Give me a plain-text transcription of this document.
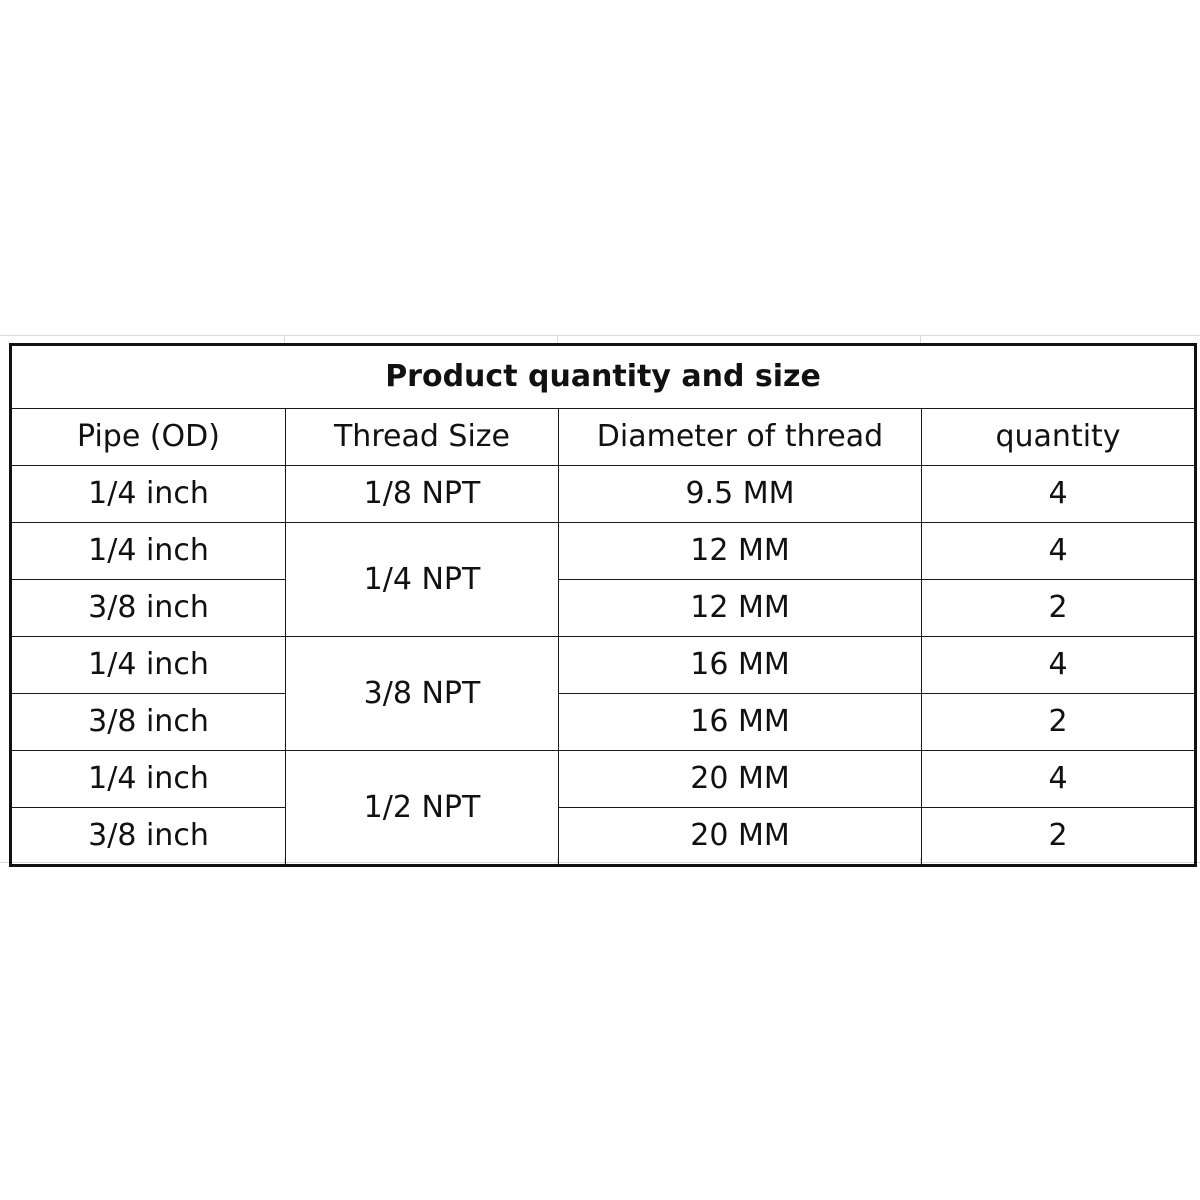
Product quantity and size			
Pipe (OD)	Thread Size	Diameter of thread	quantity
1/4 inch	1/8 NPT	9.5 MM	4
1/4 inch	1/4 NPT	12 MM	4
3/8 inch		12 MM	2
1/4 inch	3/8 NPT	16 MM	4
3/8 inch		16 MM	2
1/4 inch	1/2 NPT	20 MM	4
3/8 inch		20 MM	2
